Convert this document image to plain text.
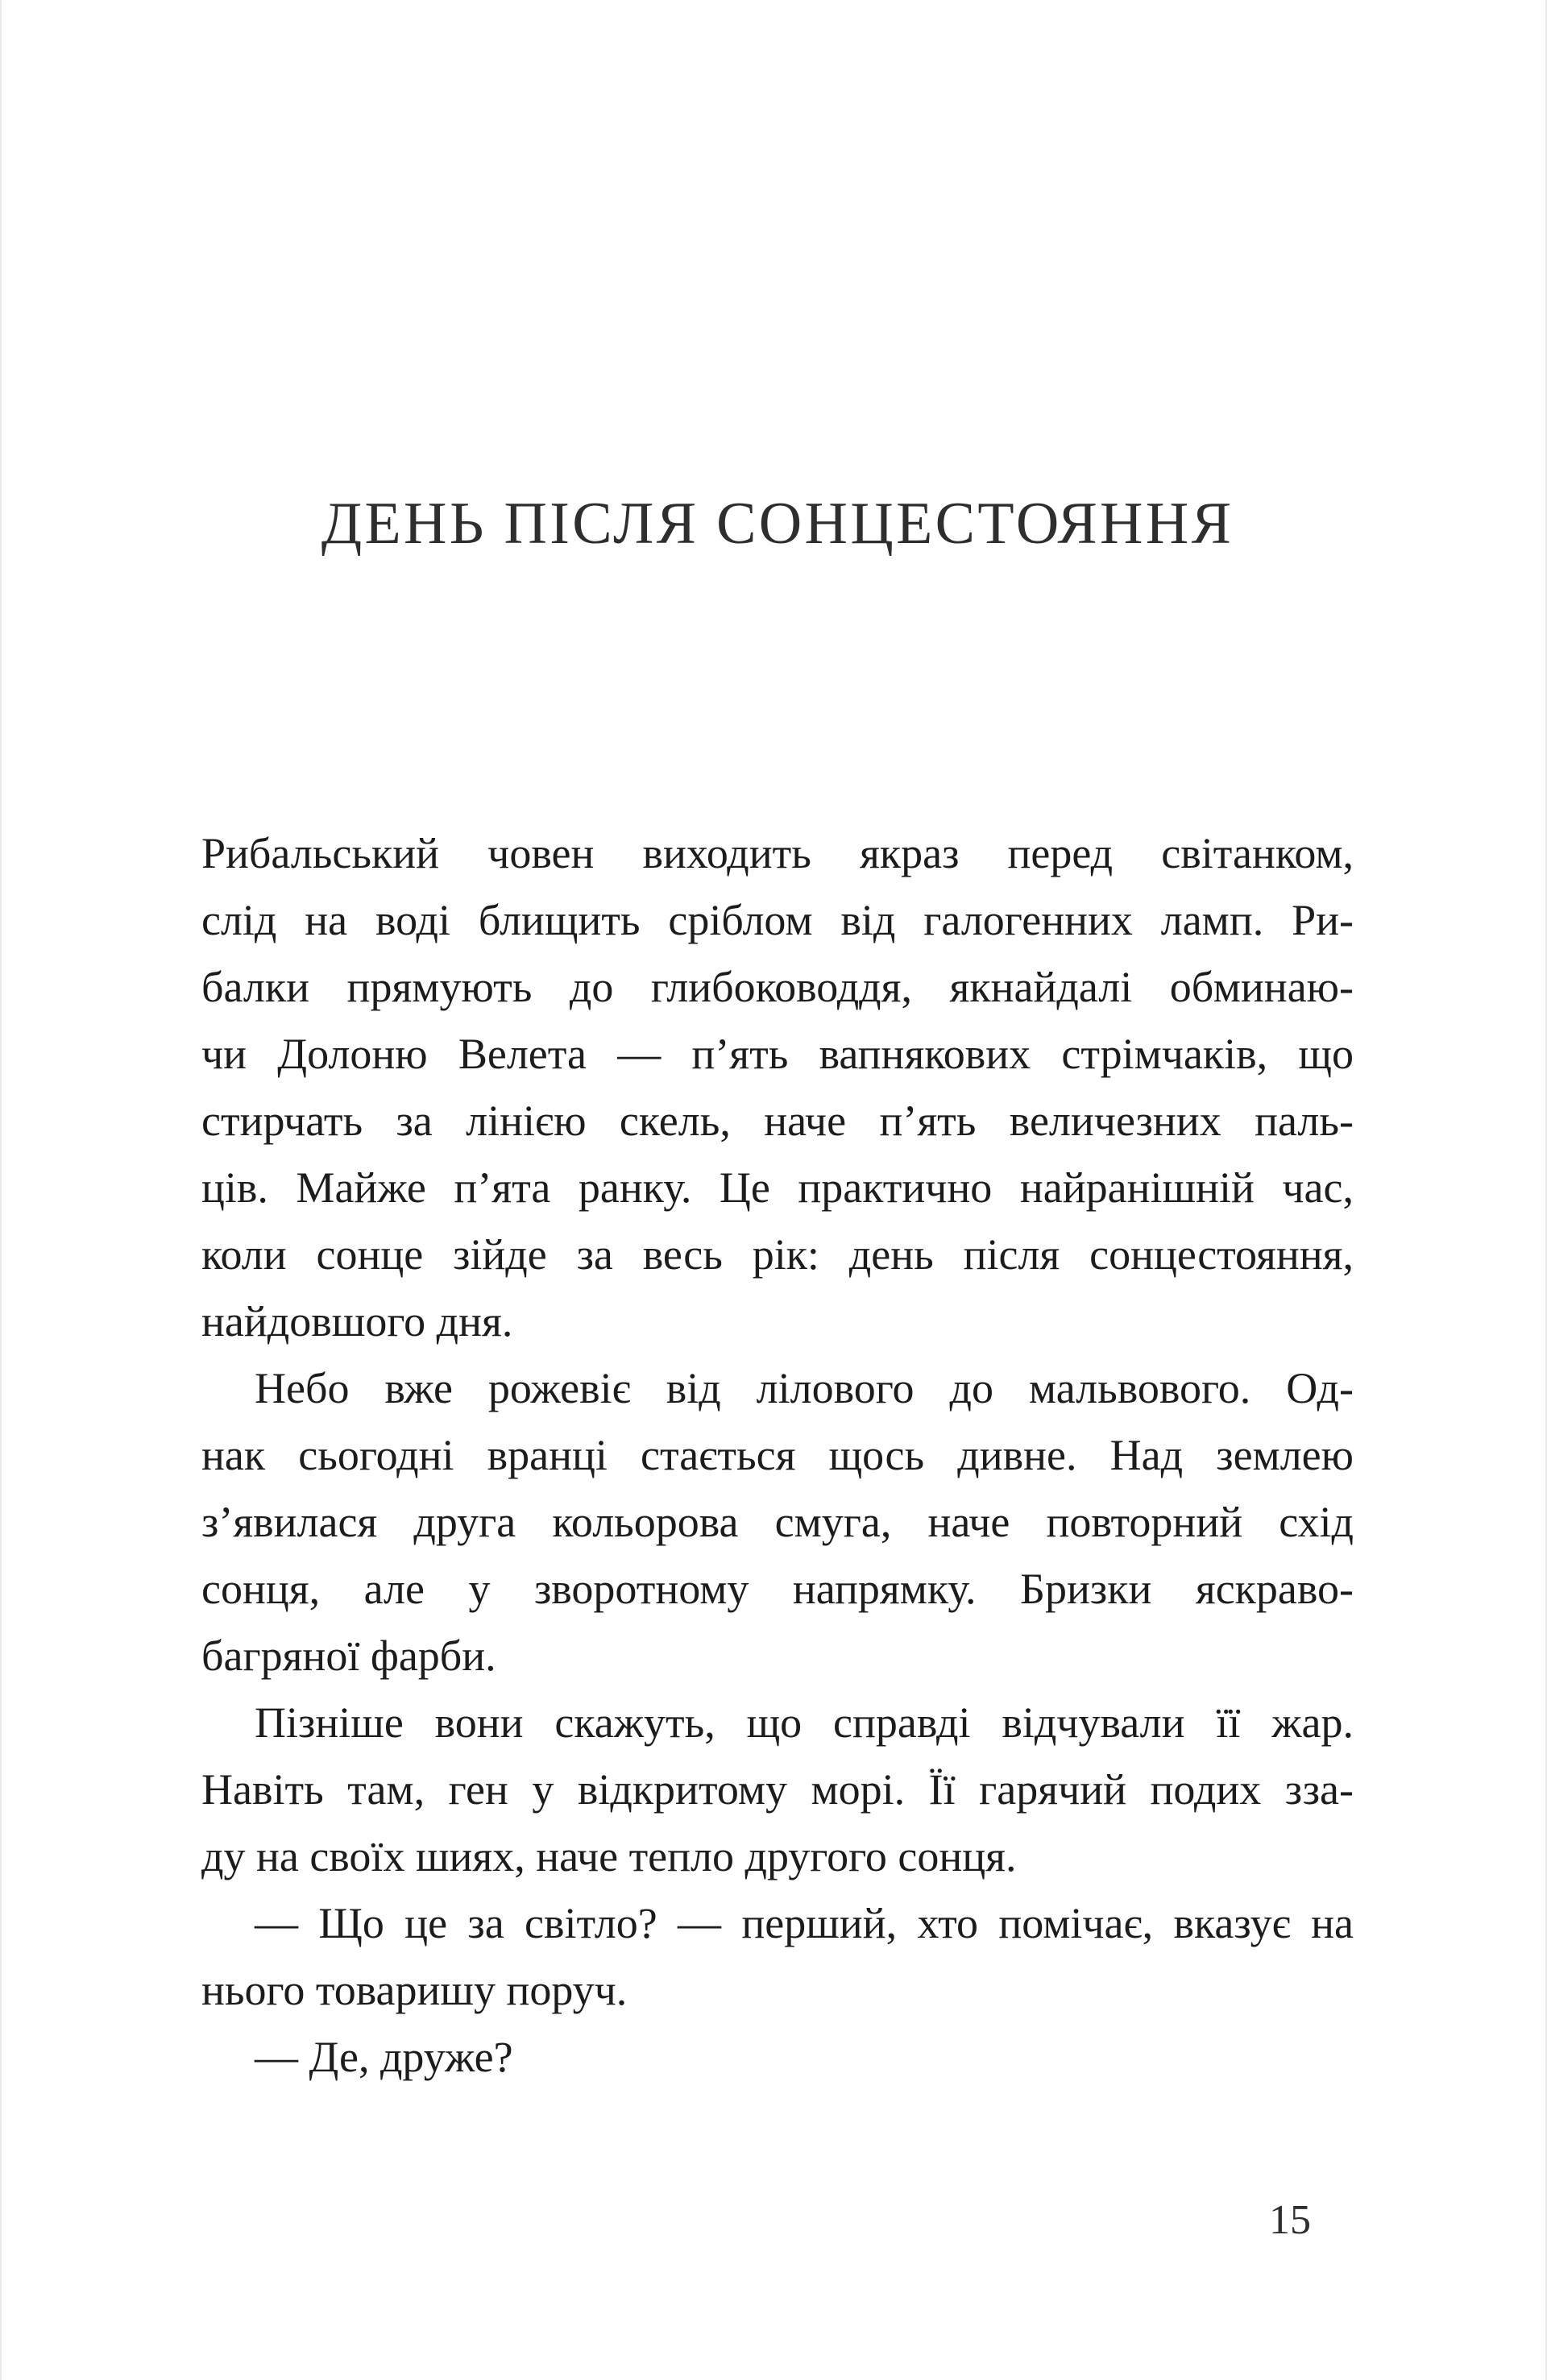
ДЕНЬ ПІСЛЯ СОНЦЕСТОЯННЯ
Рибальський човен виходить якраз перед світанком,
слід на воді блищить сріблом від галогенних ламп. Ри-
балки прямують до глибоководдя, якнайдалі обминаю-
чи Долоню Велета — п’ять вапнякових стрімчаків, що
стирчать за лінією скель, наче п’ять величезних паль-
ців. Майже п’ята ранку. Це практично найранішній час,
коли сонце зійде за весь рік: день після сонцестояння,
найдовшого дня.
Небо вже рожевіє від лілового до мальвового. Од-
нак сьогодні вранці стається щось дивне. Над землею
з’явилася друга кольорова смуга, наче повторний схід
сонця, але у зворотному напрямку. Бризки яскраво-
багряної фарби.
Пізніше вони скажуть, що справді відчували її жар.
Навіть там, ген у відкритому морі. Її гарячий подих зза-
ду на своїх шиях, наче тепло другого сонця.
— Що це за світло? — перший, хто помічає, вказує на
нього товаришу поруч.
— Де, друже?
15
